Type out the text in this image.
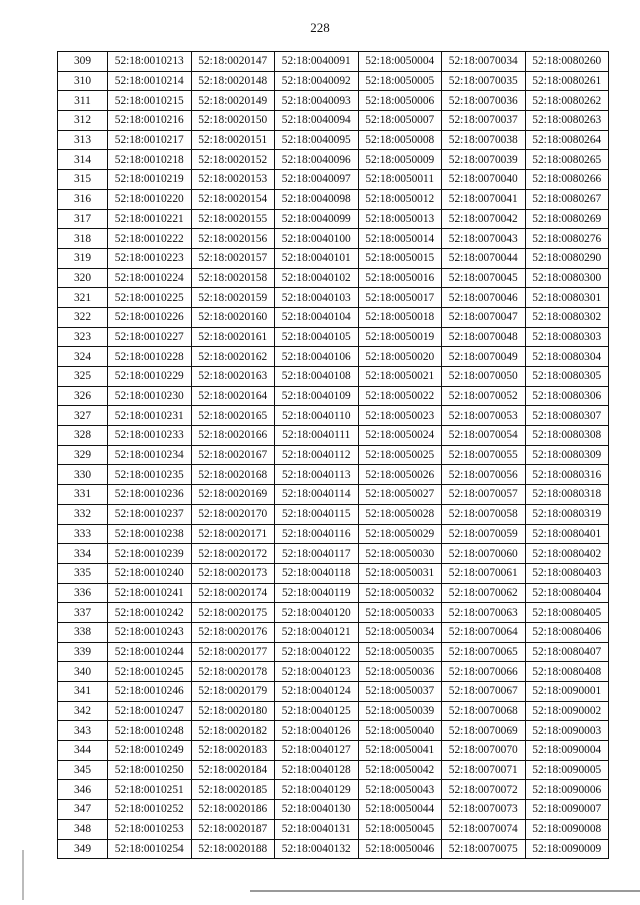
228
309	52:18:0010213	52:18:0020147	52:18:0040091	52:18:0050004	52:18:0070034	52:18:0080260
310	52:18:0010214	52:18:0020148	52:18:0040092	52:18:0050005	52:18:0070035	52:18:0080261
311	52:18:0010215	52:18:0020149	52:18:0040093	52:18:0050006	52:18:0070036	52:18:0080262
312	52:18:0010216	52:18:0020150	52:18:0040094	52:18:0050007	52:18:0070037	52:18:0080263
313	52:18:0010217	52:18:0020151	52:18:0040095	52:18:0050008	52:18:0070038	52:18:0080264
314	52:18:0010218	52:18:0020152	52:18:0040096	52:18:0050009	52:18:0070039	52:18:0080265
315	52:18:0010219	52:18:0020153	52:18:0040097	52:18:0050011	52:18:0070040	52:18:0080266
316	52:18:0010220	52:18:0020154	52:18:0040098	52:18:0050012	52:18:0070041	52:18:0080267
317	52:18:0010221	52:18:0020155	52:18:0040099	52:18:0050013	52:18:0070042	52:18:0080269
318	52:18:0010222	52:18:0020156	52:18:0040100	52:18:0050014	52:18:0070043	52:18:0080276
319	52:18:0010223	52:18:0020157	52:18:0040101	52:18:0050015	52:18:0070044	52:18:0080290
320	52:18:0010224	52:18:0020158	52:18:0040102	52:18:0050016	52:18:0070045	52:18:0080300
321	52:18:0010225	52:18:0020159	52:18:0040103	52:18:0050017	52:18:0070046	52:18:0080301
322	52:18:0010226	52:18:0020160	52:18:0040104	52:18:0050018	52:18:0070047	52:18:0080302
323	52:18:0010227	52:18:0020161	52:18:0040105	52:18:0050019	52:18:0070048	52:18:0080303
324	52:18:0010228	52:18:0020162	52:18:0040106	52:18:0050020	52:18:0070049	52:18:0080304
325	52:18:0010229	52:18:0020163	52:18:0040108	52:18:0050021	52:18:0070050	52:18:0080305
326	52:18:0010230	52:18:0020164	52:18:0040109	52:18:0050022	52:18:0070052	52:18:0080306
327	52:18:0010231	52:18:0020165	52:18:0040110	52:18:0050023	52:18:0070053	52:18:0080307
328	52:18:0010233	52:18:0020166	52:18:0040111	52:18:0050024	52:18:0070054	52:18:0080308
329	52:18:0010234	52:18:0020167	52:18:0040112	52:18:0050025	52:18:0070055	52:18:0080309
330	52:18:0010235	52:18:0020168	52:18:0040113	52:18:0050026	52:18:0070056	52:18:0080316
331	52:18:0010236	52:18:0020169	52:18:0040114	52:18:0050027	52:18:0070057	52:18:0080318
332	52:18:0010237	52:18:0020170	52:18:0040115	52:18:0050028	52:18:0070058	52:18:0080319
333	52:18:0010238	52:18:0020171	52:18:0040116	52:18:0050029	52:18:0070059	52:18:0080401
334	52:18:0010239	52:18:0020172	52:18:0040117	52:18:0050030	52:18:0070060	52:18:0080402
335	52:18:0010240	52:18:0020173	52:18:0040118	52:18:0050031	52:18:0070061	52:18:0080403
336	52:18:0010241	52:18:0020174	52:18:0040119	52:18:0050032	52:18:0070062	52:18:0080404
337	52:18:0010242	52:18:0020175	52:18:0040120	52:18:0050033	52:18:0070063	52:18:0080405
338	52:18:0010243	52:18:0020176	52:18:0040121	52:18:0050034	52:18:0070064	52:18:0080406
339	52:18:0010244	52:18:0020177	52:18:0040122	52:18:0050035	52:18:0070065	52:18:0080407
340	52:18:0010245	52:18:0020178	52:18:0040123	52:18:0050036	52:18:0070066	52:18:0080408
341	52:18:0010246	52:18:0020179	52:18:0040124	52:18:0050037	52:18:0070067	52:18:0090001
342	52:18:0010247	52:18:0020180	52:18:0040125	52:18:0050039	52:18:0070068	52:18:0090002
343	52:18:0010248	52:18:0020182	52:18:0040126	52:18:0050040	52:18:0070069	52:18:0090003
344	52:18:0010249	52:18:0020183	52:18:0040127	52:18:0050041	52:18:0070070	52:18:0090004
345	52:18:0010250	52:18:0020184	52:18:0040128	52:18:0050042	52:18:0070071	52:18:0090005
346	52:18:0010251	52:18:0020185	52:18:0040129	52:18:0050043	52:18:0070072	52:18:0090006
347	52:18:0010252	52:18:0020186	52:18:0040130	52:18:0050044	52:18:0070073	52:18:0090007
348	52:18:0010253	52:18:0020187	52:18:0040131	52:18:0050045	52:18:0070074	52:18:0090008
349	52:18:0010254	52:18:0020188	52:18:0040132	52:18:0050046	52:18:0070075	52:18:0090009
